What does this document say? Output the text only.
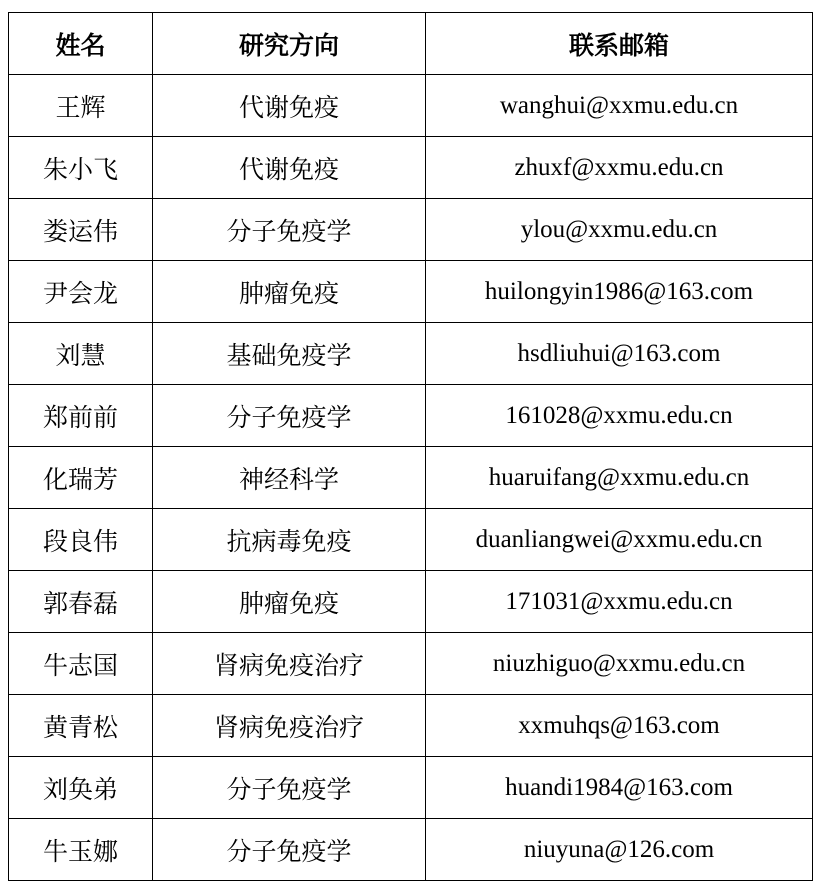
姓名	研究方向	联系邮箱
王辉	代谢免疫	wanghui@xxmu.edu.cn
朱小飞	代谢免疫	zhuxf@xxmu.edu.cn
娄运伟	分子免疫学	ylou@xxmu.edu.cn
尹会龙	肿瘤免疫	huilongyin1986@163.com
刘慧	基础免疫学	hsdliuhui@163.com
郑前前	分子免疫学	161028@xxmu.edu.cn
化瑞芳	神经科学	huaruifang@xxmu.edu.cn
段良伟	抗病毒免疫	duanliangwei@xxmu.edu.cn
郭春磊	肿瘤免疫	171031@xxmu.edu.cn
牛志国	肾病免疫治疗	niuzhiguo@xxmu.edu.cn
黄青松	肾病免疫治疗	xxmuhqs@163.com
刘奂弟	分子免疫学	huandi1984@163.com
牛玉娜	分子免疫学	niuyuna@126.com
